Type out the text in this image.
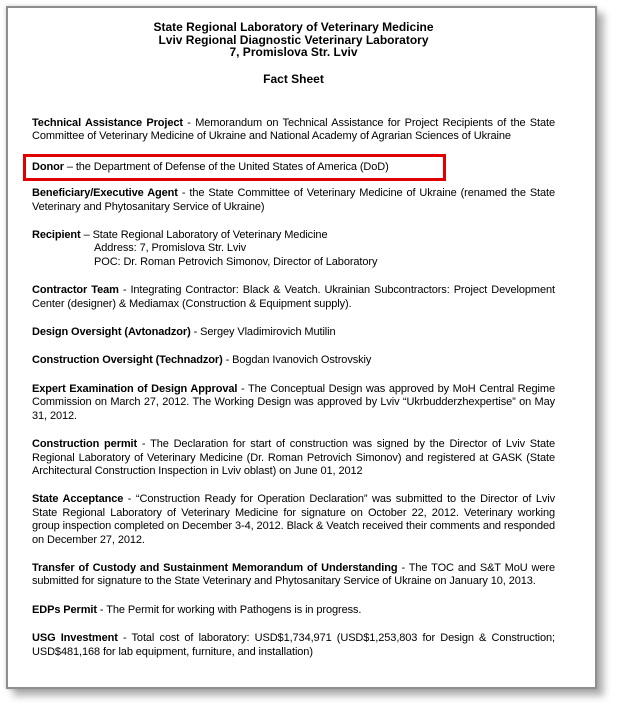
State Regional Laboratory of Veterinary Medicine
Lviv Regional Diagnostic Veterinary Laboratory
7, Promislova Str. Lviv
Fact Sheet

Technical Assistance Project - Memorandum on Technical Assistance for Project Recipients of the State Committee of Veterinary Medicine of Ukraine and National Academy of Agrarian Sciences of Ukraine

Donor – the Department of Defense of the United States of America (DoD)

Beneficiary/Executive Agent - the State Committee of Veterinary Medicine of Ukraine (renamed the State Veterinary and Phytosanitary Service of Ukraine)

Recipient – State Regional Laboratory of Veterinary Medicine
Address: 7, Promislova Str. Lviv
POC: Dr. Roman Petrovich Simonov, Director of Laboratory

Contractor Team - Integrating Contractor: Black & Veatch. Ukrainian Subcontractors: Project Development Center (designer) & Mediamax (Construction & Equipment supply).

Design Oversight (Avtonadzor) - Sergey Vladimirovich Mutilin

Construction Oversight (Technadzor) - Bogdan Ivanovich Ostrovskiy

Expert Examination of Design Approval - The Conceptual Design was approved by MoH Central Regime Commission on March 27, 2012. The Working Design was approved by Lviv “Ukrbudderzhexpertise” on May 31, 2012.

Construction permit - The Declaration for start of construction was signed by the Director of Lviv State Regional Laboratory of Veterinary Medicine (Dr. Roman Petrovich Simonov) and registered at GASK (State Architectural Construction Inspection in Lviv oblast) on June 01, 2012

State Acceptance - “Construction Ready for Operation Declaration” was submitted to the Director of Lviv State Regional Laboratory of Veterinary Medicine for signature on October 22, 2012. Veterinary working group inspection completed on December 3-4, 2012. Black & Veatch received their comments and responded on December 27, 2012.

Transfer of Custody and Sustainment Memorandum of Understanding - The TOC and S&T MoU were submitted for signature to the State Veterinary and Phytosanitary Service of Ukraine on January 10, 2013.

EDPs Permit - The Permit for working with Pathogens is in progress.

USG Investment - Total cost of laboratory: USD$1,734,971 (USD$1,253,803 for Design & Construction; USD$481,168 for lab equipment, furniture, and installation)
